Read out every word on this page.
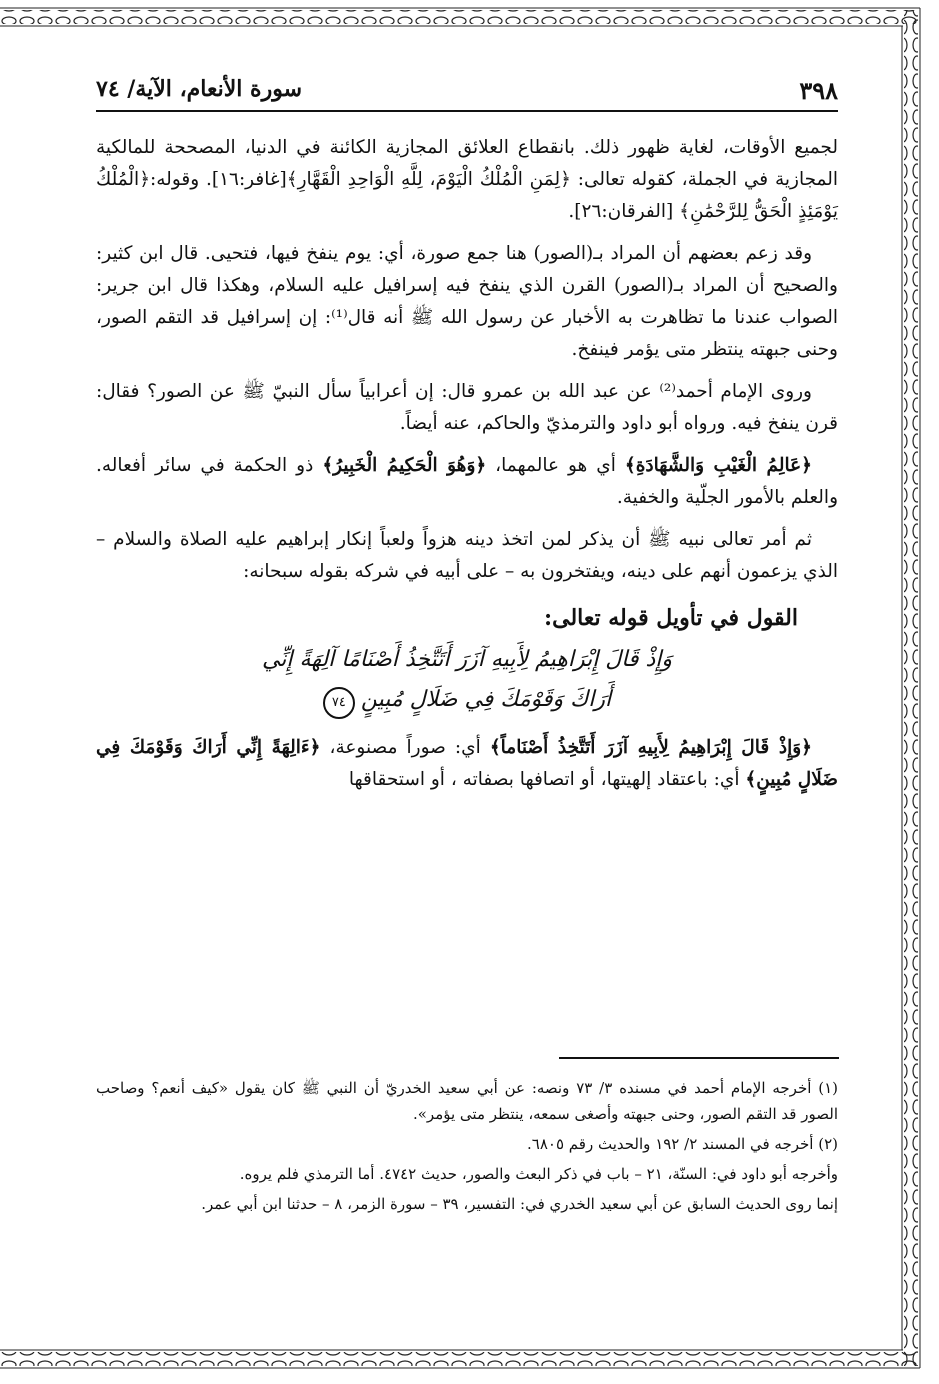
٣٩٨
سورة الأنعام، الآية/ ٧٤

لجميع الأوقات، لغاية ظهور ذلك. بانقطاع العلائق المجازية الكائنة في الدنيا، المصححة للمالكية المجازية في الجملة، كقوله تعالى: ﴿لِمَنِ الْمُلْكُ الْيَوْمَ، لِلَّهِ الْوَاحِدِ الْقَهَّارِ﴾[غافر:١٦]. وقوله:﴿الْمُلْكُ يَوْمَئِذٍ الْحَقُّ لِلرَّحْمَٰنِ﴾ [الفرقان:٢٦].

وقد زعم بعضهم أن المراد بـ(الصور) هنا جمع صورة، أي: يوم ينفخ فيها، فتحيى. قال ابن كثير: والصحيح أن المراد بـ(الصور) القرن الذي ينفخ فيه إسرافيل عليه السلام، وهكذا قال ابن جرير: الصواب عندنا ما تظاهرت به الأخبار عن رسول الله ﷺ أنه قال⁽¹⁾: إن إسرافيل قد التقم الصور، وحنى جبهته ينتظر متى يؤمر فينفخ.

وروى الإمام أحمد⁽²⁾ عن عبد الله بن عمرو قال: إن أعرابياً سأل النبيّ ﷺ عن الصور؟ فقال: قرن ينفخ فيه. ورواه أبو داود والترمذيّ والحاكم، عنه أيضاً.

﴿عَالِمُ الْغَيْبِ وَالشَّهَادَةِ﴾ أي هو عالمهما، ﴿وَهُوَ الْحَكِيمُ الْخَبِيرُ﴾ ذو الحكمة في سائر أفعاله. والعلم بالأمور الجلّية والخفية.

ثم أمر تعالى نبيه ﷺ أن يذكر لمن اتخذ دينه هزواً ولعباً إنكار إبراهيم عليه الصلاة والسلام – الذي يزعمون أنهم على دينه، ويفتخرون به – على أبيه في شركه بقوله سبحانه:

القول في تأويل قوله تعالى:
وَإِذْ قَالَ إِبْرَاهِيمُ لِأَبِيهِ آزَرَ أَتَتَّخِذُ أَصْنَامًا آلِهَةً إِنِّي
أَرَاكَ وَقَوْمَكَ فِي ضَلَالٍ مُبِينٍ٧٤

﴿وَإِذْ قَالَ إِبْرَاهِيمُ لِأَبِيهِ آزَرَ أَتَتَّخِذُ أَصْنَاماً﴾ أي: صوراً مصنوعة، ﴿ءَالِهَةً إِنِّي أَرَاكَ وَقَوْمَكَ فِي ضَلَالٍ مُبِينٍ﴾ أي: باعتقاد إلهيتها، أو اتصافها بصفاته ، أو استحقاقها

(١) أخرجه الإمام أحمد في مسنده ٣/ ٧٣ ونصه: عن أبي سعيد الخدريّ أن النبي ﷺ كان يقول «كيف أنعم؟ وصاحب الصور قد التقم الصور، وحنى جبهته وأصغى سمعه، ينتظر متى يؤمر».

(٢) أخرجه في المسند ٢/ ١٩٢ والحديث رقم ٦٨٠٥.

وأخرجه أبو داود في: السنّة، ٢١ – باب في ذكر البعث والصور، حديث ٤٧٤٢. أما الترمذي فلم يروه.

إنما روى الحديث السابق عن أبي سعيد الخدري في: التفسير، ٣٩ – سورة الزمر، ٨ – حدثنا ابن أبي عمر.
